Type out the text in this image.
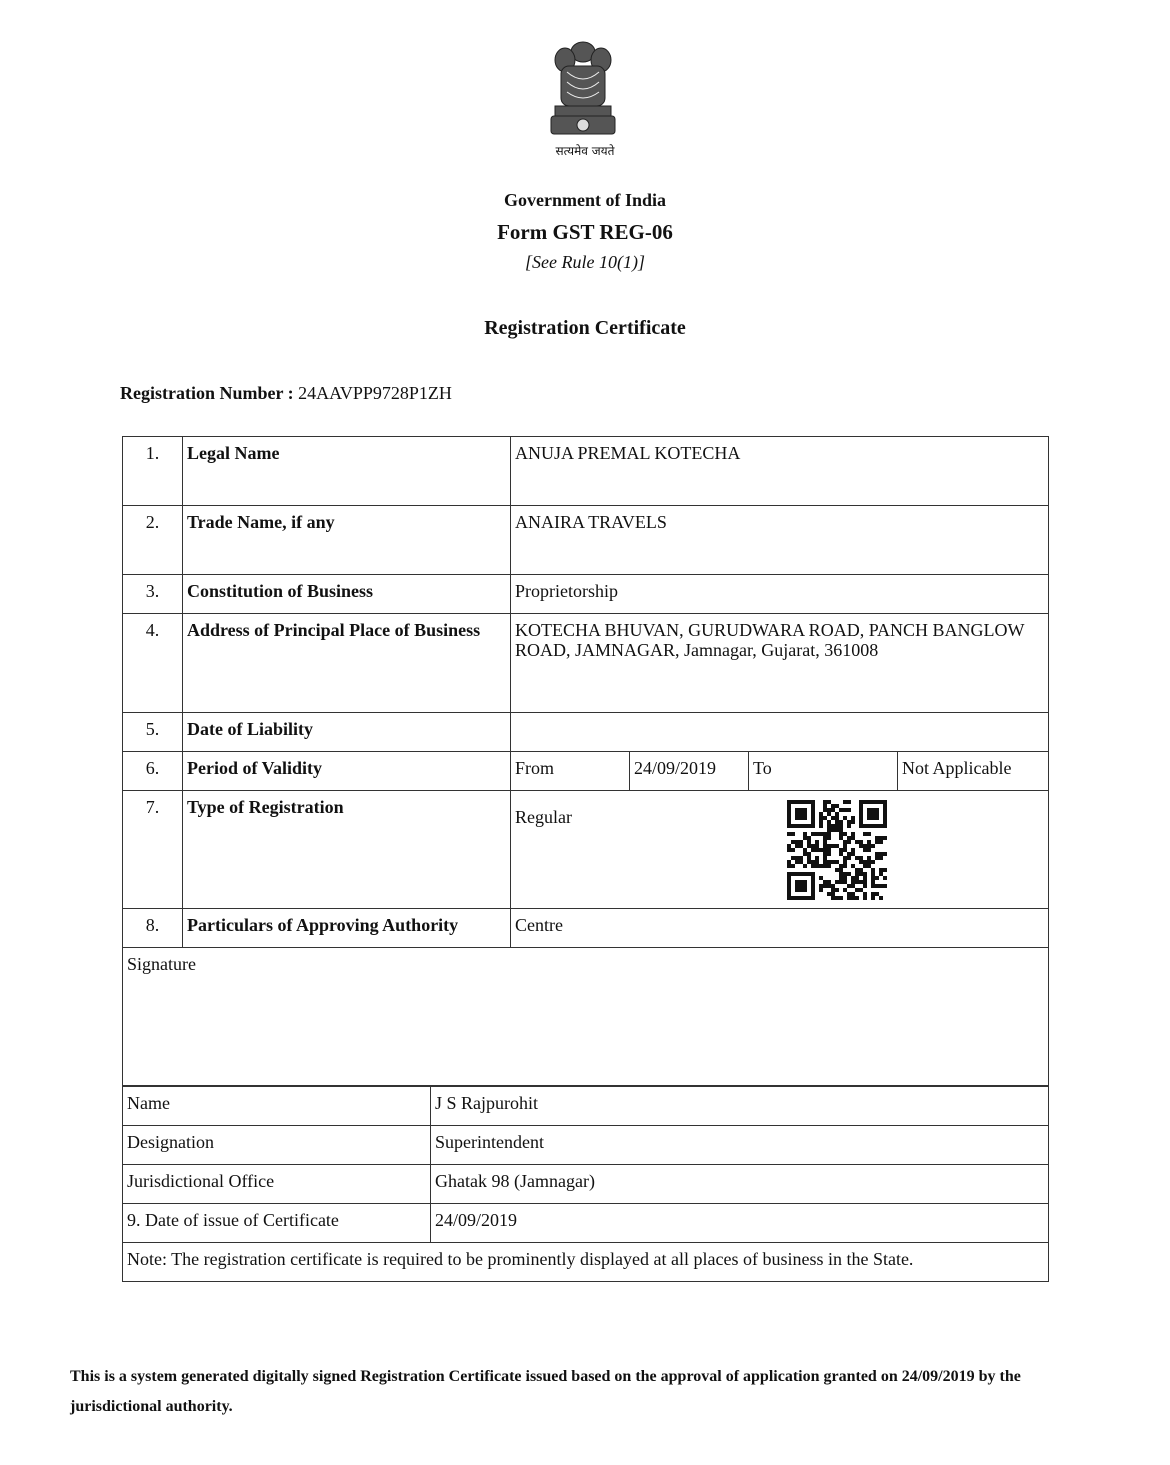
सत्यमेव जयते
Government of India
Form GST REG-06
[See Rule 10(1)]
Registration Certificate
Registration Number : 24AAVPP9728P1ZH
1.	Legal Name	ANUJA PREMAL KOTECHA			
2.	Trade Name, if any	ANAIRA TRAVELS			
3.	Constitution of Business	Proprietorship			
4.	Address of Principal Place of Business	KOTECHA BHUVAN, GURUDWARA ROAD, PANCH BANGLOW ROAD, JAMNAGAR, Jamnagar, Gujarat, 361008			
5.	Date of Liability				
6.	Period of Validity	From	24/09/2019	To	Not Applicable
7.	Type of Registration	Regular			
8.	Particulars of Approving Authority	Centre			
Signature					
Name	J S Rajpurohit
Designation	Superintendent
Jurisdictional Office	Ghatak 98 (Jamnagar)
9. Date of issue of Certificate	24/09/2019
Note: The registration certificate is required to be prominently displayed at all places of business in the State.	
This is a system generated digitally signed Registration Certificate issued based on the approval of application granted on 24/09/2019 by the jurisdictional authority.
